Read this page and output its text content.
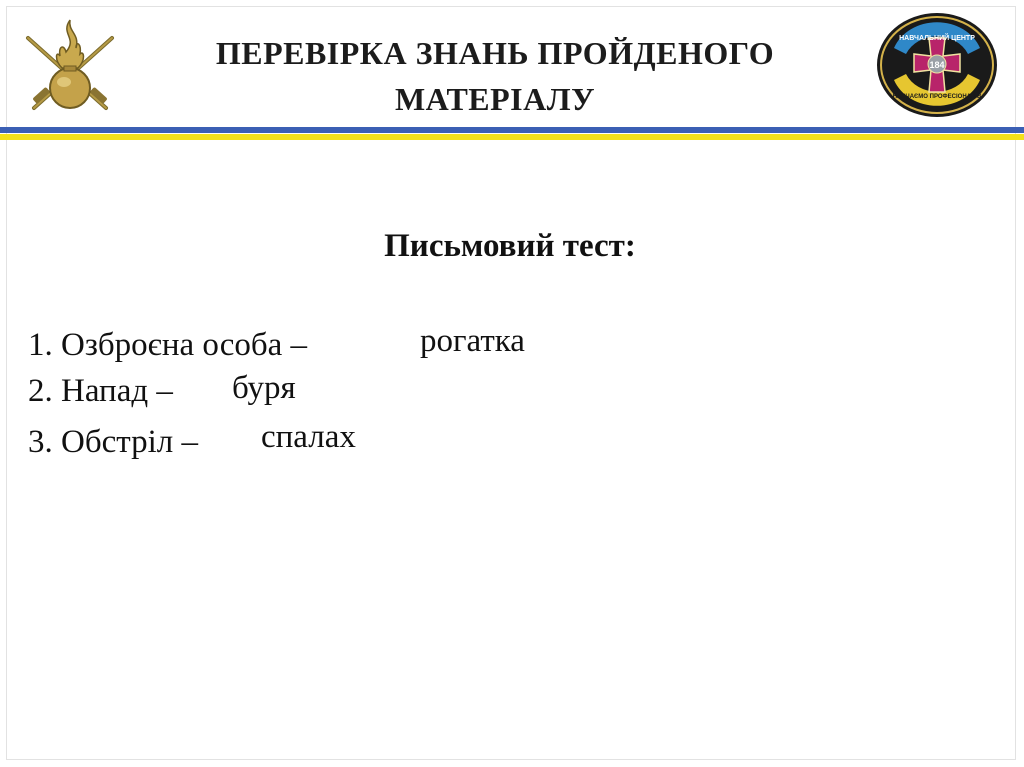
ПЕРЕВІРКА ЗНАНЬ ПРОЙДЕНОГО
МАТЕРІАЛУ
184
НАВЧАЛЬНИЙ ЦЕНТР
НАВЧАЄМО ПРОФЕСІОНАЛІВ
Письмовий тест:
1. Озброєна особа –
2. Напад –
3. Обстріл –
рогатка
буря
спалах
